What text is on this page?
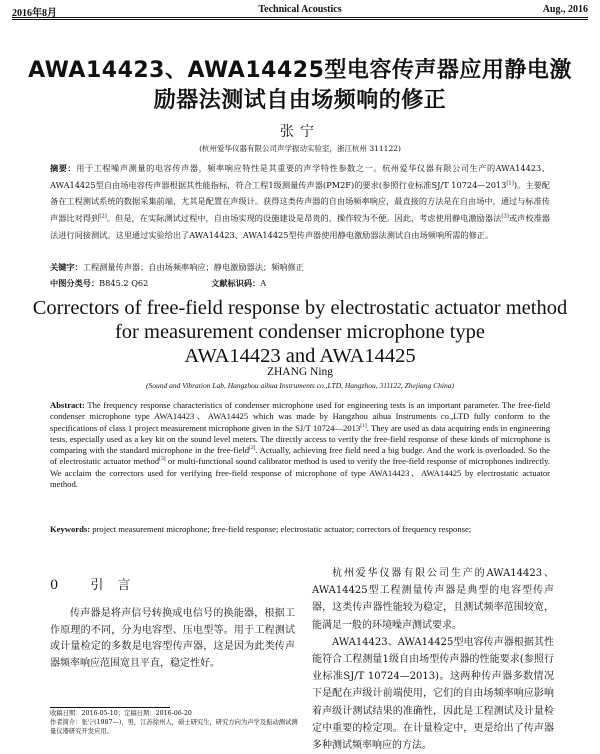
2016年8月	Technical Acoustics	Aug., 2016
AWA14423、AWA14425型电容传声器应用静电激
励器法测试自由场频响的修正
张宁
(杭州爱华仪器有限公司声学振动实验室，浙江杭州 311122)
摘要：用于工程噪声测量的电容传声器，频率响应特性是其重要的声学特性参数之一。杭州爱华仪器有限公司生产的AWA14423、AWA14425型自由场电容传声器根据其性能指标，符合工程1级测量传声器(PM2F)的要求(参照行业标准SJ/T 10724—2013[1])。主要配备在工程测试系统的数据采集前端，尤其是配置在声级计。获得这类传声器的自由场频率响应，最直接的方法是在自由场中，通过与标准传声器比对得到[2]。但是，在实际测试过程中，自由场实现的设施建设是昂贵的，操作较为不便。因此，考虑使用静电激励器法[3]或声校准器法进行间接测试。这里通过实验给出了AWA14423、AWA14425型传声器使用静电激励器法测试自由场频响所需的修正。
关键字：工程测量传声器；自由场频率响应；静电激励器法；频响修正
中图分类号：B845.2 Q62	文献标识码：A
Correctors of free-field response by electrostatic actuator method
for measurement condenser microphone type
AWA14423 and AWA14425
ZHANG Ning
(Sound and Vibration Lab, Hangzhou aihua Instruments co.,LTD, Hangzhou, 311122, Zhejiang China)
Abstract: The frequency response characteristics of condenser microphone used for engineering tests is an important parameter. The free-field condenser microphone type AWA14423、AWA14425 which was made by Hangzhou aihua Instruments co.,LTD fully conform to the specifications of class 1 project measurement microphone given in the SJ/T 10724—2013[1]. They are used as data acquiring ends in engineering tests, especially used as a key kit on the sound level meters. The directly access to verify the free-field response of these kinds of microphone is comparing with the standard microphone in the free-field[2]. Actually, achieving free field need a big budge. And the work is overloaded. So the of electrostatic actuator method[3] or multi-functional sound calibrator method is used to verify the free-field response of microphones indirectly. We acclaim the correctors used for verifying free-field response of microphone of type AWA14423、AWA14425 by electrostatic actuator method.
Keywords: project measurement microphone; free-field response; electrostatic actuator; correctors of frequency response;
0 引言
传声器是将声信号转换成电信号的换能器，根据工作原理的不同，分为电容型、压电型等。用于工程测试或计量检定的多数是电容型传声器，这是因为此类传声器频率响应范围宽且平直，稳定性好。
收稿日期：2016-05-10；定稿日期：2016-06-20
作者简介：张宁(1987—)，男，江苏徐州人，硕士研究生，研究方向为声学及振动测试测量仪器研究开发应用。

杭州爱华仪器有限公司生产的AWA14423、AWA14425型工程测量传声器是典型的电容型传声器，这类传声器性能较为稳定，且测试频率范围较宽，能满足一般的环境噪声测试要求。

AWA14423、AWA14425型电容传声器根据其性能符合工程测量1级自由场型传声器的性能要求(参照行业标准SJ/T 10724—2013)。这两种传声器多数情况下是配在声级计前端使用，它们的自由场频率响应影响着声级计测试结果的准确性，因此是工程测试及计量检定中重要的检定项。在计量检定中，更是给出了传声器多种测试频率响应的方法。
